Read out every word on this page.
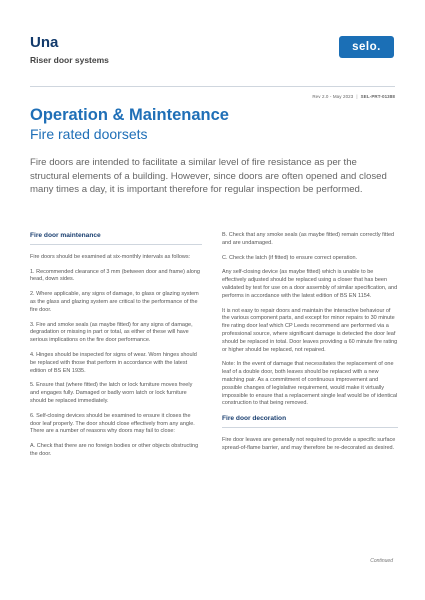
Una
Riser door systems
selo.
Rev 2.0 - May 2023 | SEL-PRT-01388
Operation & Maintenance
Fire rated doorsets
Fire doors are intended to facilitate a similar level of fire resistance as per the structural elements of a building. However, since doors are often opened and closed many times a day, it is important therefore for regular inspection be performed.
Fire door maintenance
Fire doors should be examined at six-monthly intervals as follows:
1. Recommended clearance of 3 mm (between door and frame) along head, down sides.
2. Where applicable, any signs of damage, to glass or glazing system as the glass and glazing system are critical to the performance of the fire door.
3. Fire and smoke seals (as maybe fitted) for any signs of damage, degradation or missing in part or total, as either of these will have serious implications on the fire door performance.
4. Hinges should be inspected for signs of wear. Worn hinges should be replaced with those that perform in accordance with the latest edition of BS EN 1935.
5. Ensure that (where fitted) the latch or lock furniture moves freely and engages fully. Damaged or badly worn latch or lock furniture should be replaced immediately.
6. Self-closing devices should be examined to ensure it closes the door leaf properly. The door should close effectively from any angle. There are a number of reasons why doors may fail to close:
A. Check that there are no foreign bodies or other objects obstructing the door.
B. Check that any smoke seals (as maybe fitted) remain correctly fitted and are undamaged.
C. Check the latch (if fitted) to ensure correct operation.
Any self-closing device (as maybe fitted) which is unable to be effectively adjusted should be replaced using a closer that has been validated by test for use on a door assembly of similar specification, and performs in accordance with the latest edition of BS EN 1154.
It is not easy to repair doors and maintain the interactive behaviour of the various component parts, and except for minor repairs to 30 minute fire rating door leaf which CP Leeds recommend are performed via a professional source, where significant damage is detected the door leaf should be replaced in total. Door leaves providing a 60 minute fire rating or higher should be replaced, not repaired.
Note: In the event of damage that necessitates the replacement of one leaf of a double door, both leaves should be replaced with a new matching pair. As a commitment of continuous improvement and possible changes of legislative requirement, would make it virtually impossible to ensure that a replacement single leaf would be of identical construction to that being removed.
Fire door decoration
Fire door leaves are generally not required to provide a specific surface spread-of-flame barrier, and may therefore be re-decorated as desired.
Continued
